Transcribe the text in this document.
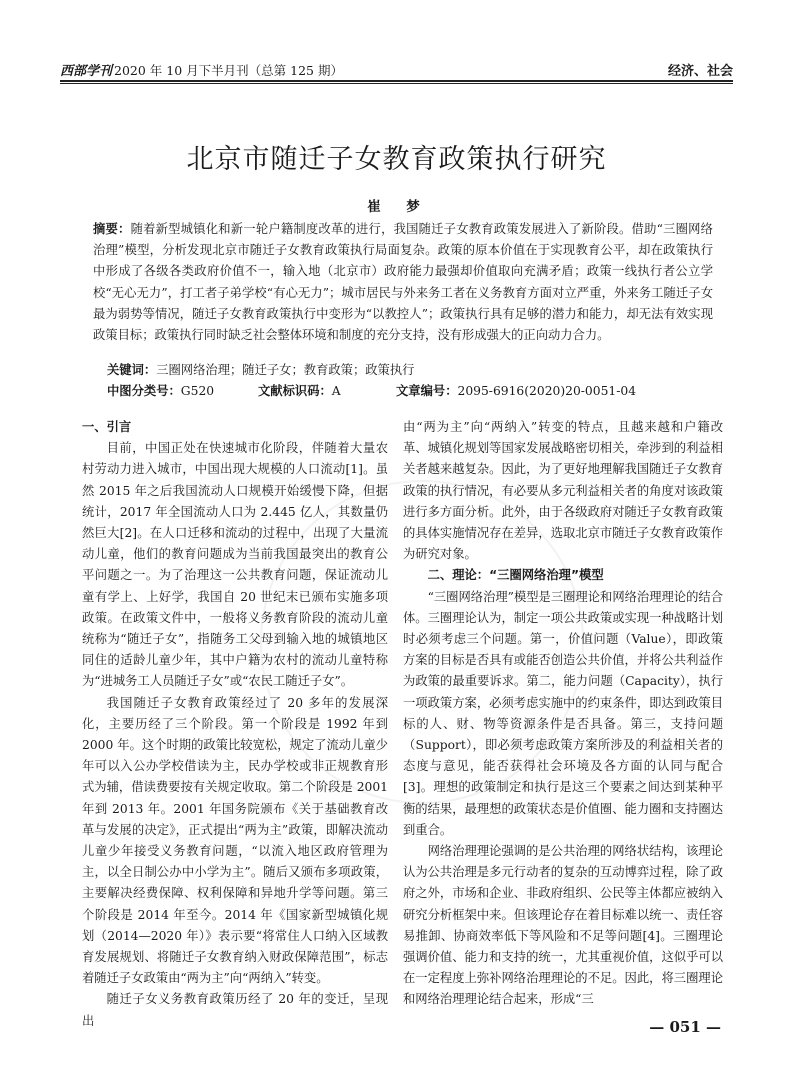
西部学刊 2020 年 10 月下半月刊（总第 125 期）	经济、社会
北京市随迁子女教育政策执行研究
崔　梦
摘要：随着新型城镇化和新一轮户籍制度改革的进行，我国随迁子女教育政策发展进入了新阶段。借助“三圈网络治理”模型，分析发现北京市随迁子女教育政策执行局面复杂。政策的原本价值在于实现教育公平，却在政策执行中形成了各级各类政府价值不一，输入地（北京市）政府能力最强却价值取向充满矛盾；政策一线执行者公立学校“无心无力”，打工者子弟学校“有心无力”；城市居民与外来务工者在义务教育方面对立严重，外来务工随迁子女最为弱势等情况，随迁子女教育政策执行中变形为“以教控人”；政策执行具有足够的潜力和能力，却无法有效实现政策目标；政策执行同时缺乏社会整体环境和制度的充分支持，没有形成强大的正向动力合力。
关键词：三圈网络治理；随迁子女；教育政策；政策执行
中图分类号：G520	文献标识码：A	文章编号：2095-6916(2020)20-0051-04
一、引言

目前，中国正处在快速城市化阶段，伴随着大量农村劳动力进入城市，中国出现大规模的人口流动[1]。虽然 2015 年之后我国流动人口规模开始缓慢下降，但据统计，2017 年全国流动人口为 2.445 亿人，其数量仍然巨大[2]。在人口迁移和流动的过程中，出现了大量流动儿童，他们的教育问题成为当前我国最突出的教育公平问题之一。为了治理这一公共教育问题，保证流动儿童有学上、上好学，我国自 20 世纪末已颁布实施多项政策。在政策文件中，一般将义务教育阶段的流动儿童统称为“随迁子女”，指随务工父母到输入地的城镇地区同住的适龄儿童少年，其中户籍为农村的流动儿童特称为“进城务工人员随迁子女”或“农民工随迁子女”。

我国随迁子女教育政策经过了 20 多年的发展深化，主要历经了三个阶段。第一个阶段是 1992 年到 2000 年。这个时期的政策比较宽松，规定了流动儿童少年可以入公办学校借读为主，民办学校或非正规教育形式为辅，借读费要按有关规定收取。第二个阶段是 2001 年到 2013 年。2001 年国务院颁布《关于基础教育改革与发展的决定》，正式提出“两为主”政策，即解决流动儿童少年接受义务教育问题，“以流入地区政府管理为主，以全日制公办中小学为主”。随后又颁布多项政策，主要解决经费保障、权利保障和异地升学等问题。第三个阶段是 2014 年至今。2014 年《国家新型城镇化规划（2014—2020 年）》表示要“将常住人口纳入区域教育发展规划、将随迁子女教育纳入财政保障范围”，标志着随迁子女政策由“两为主”向“两纳入”转变。

随迁子女义务教育政策历经了 20 年的变迁，呈现出

由“两为主”向“两纳入”转变的特点，且越来越和户籍改革、城镇化规划等国家发展战略密切相关，牵涉到的利益相关者越来越复杂。因此，为了更好地理解我国随迁子女教育政策的执行情况，有必要从多元利益相关者的角度对该政策进行多方面分析。此外，由于各级政府对随迁子女教育政策的具体实施情况存在差异，选取北京市随迁子女教育政策作为研究对象。

二、理论：“三圈网络治理”模型

“三圈网络治理”模型是三圈理论和网络治理理论的结合体。三圈理论认为，制定一项公共政策或实现一种战略计划时必须考虑三个问题。第一，价值问题（Value），即政策方案的目标是否具有或能否创造公共价值，并将公共利益作为政策的最重要诉求。第二，能力问题（Capacity），执行一项政策方案，必须考虑实施中的约束条件，即达到政策目标的人、财、物等资源条件是否具备。第三，支持问题（Support），即必须考虑政策方案所涉及的利益相关者的态度与意见，能否获得社会环境及各方面的认同与配合[3]。理想的政策制定和执行是这三个要素之间达到某种平衡的结果，最理想的政策状态是价值圈、能力圈和支持圈达到重合。

网络治理理论强调的是公共治理的网络状结构，该理论认为公共治理是多元行动者的复杂的互动博弈过程，除了政府之外，市场和企业、非政府组织、公民等主体都应被纳入研究分析框架中来。但该理论存在着目标难以统一、责任容易推卸、协商效率低下等风险和不足等问题[4]。三圈理论强调价值、能力和支持的统一，尤其重视价值，这似乎可以在一定程度上弥补网络治理理论的不足。因此，将三圈理论和网络治理理论结合起来，形成“三

— 051 —
